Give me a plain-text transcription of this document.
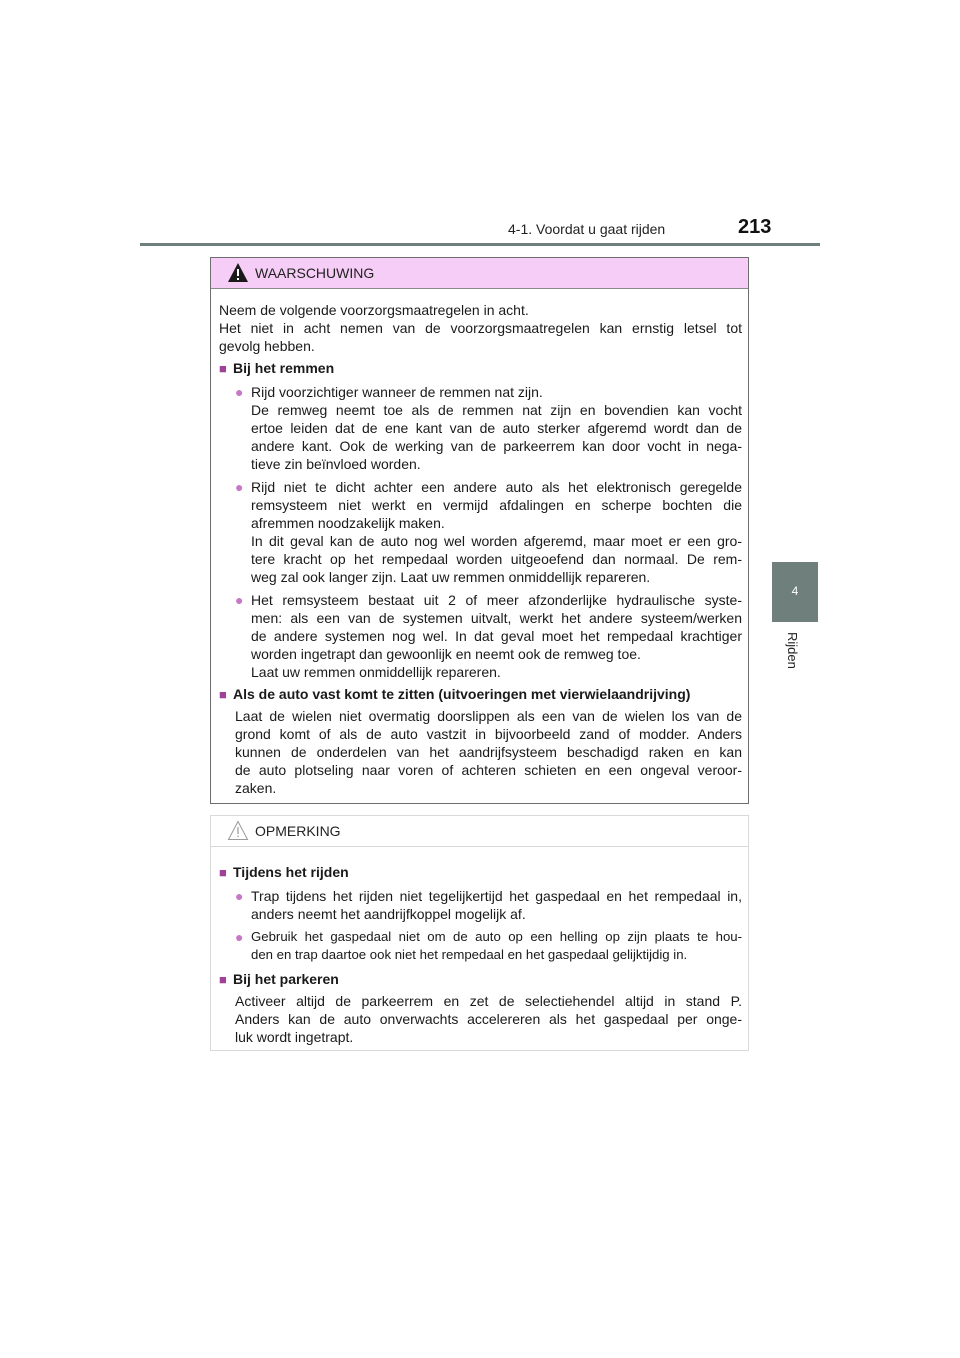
4-1. Voordat u gaat rijden	213
4
Rijden
WAARSCHUWING
Neem de volgende voorzorgsmaatregelen in acht.
Het niet in acht nemen van de voorzorgsmaatregelen kan ernstig letsel tot
gevolg hebben.
■ Bij het remmen
● Rijd voorzichtiger wanneer de remmen nat zijn.
De remweg neemt toe als de remmen nat zijn en bovendien kan vocht
ertoe leiden dat de ene kant van de auto sterker afgeremd wordt dan de
andere kant. Ook de werking van de parkeerrem kan door vocht in nega-
tieve zin beïnvloed worden.
● Rijd niet te dicht achter een andere auto als het elektronisch geregelde
remsysteem niet werkt en vermijd afdalingen en scherpe bochten die
afremmen noodzakelijk maken.
In dit geval kan de auto nog wel worden afgeremd, maar moet er een gro-
tere kracht op het rempedaal worden uitgeoefend dan normaal. De rem-
weg zal ook langer zijn. Laat uw remmen onmiddellijk repareren.
● Het remsysteem bestaat uit 2 of meer afzonderlijke hydraulische syste-
men: als een van de systemen uitvalt, werkt het andere systeem/werken
de andere systemen nog wel. In dat geval moet het rempedaal krachtiger
worden ingetrapt dan gewoonlijk en neemt ook de remweg toe.
Laat uw remmen onmiddellijk repareren.
■ Als de auto vast komt te zitten (uitvoeringen met vierwielaandrijving)
Laat de wielen niet overmatig doorslippen als een van de wielen los van de
grond komt of als de auto vastzit in bijvoorbeeld zand of modder. Anders
kunnen de onderdelen van het aandrijfsysteem beschadigd raken en kan
de auto plotseling naar voren of achteren schieten en een ongeval veroor-
zaken.
OPMERKING
■ Tijdens het rijden
● Trap tijdens het rijden niet tegelijkertijd het gaspedaal en het rempedaal in,
anders neemt het aandrijfkoppel mogelijk af.
● Gebruik het gaspedaal niet om de auto op een helling op zijn plaats te hou-
den en trap daartoe ook niet het rempedaal en het gaspedaal gelijktijdig in.
■ Bij het parkeren
Activeer altijd de parkeerrem en zet de selectiehendel altijd in stand P.
Anders kan de auto onverwachts accelereren als het gaspedaal per onge-
luk wordt ingetrapt.
